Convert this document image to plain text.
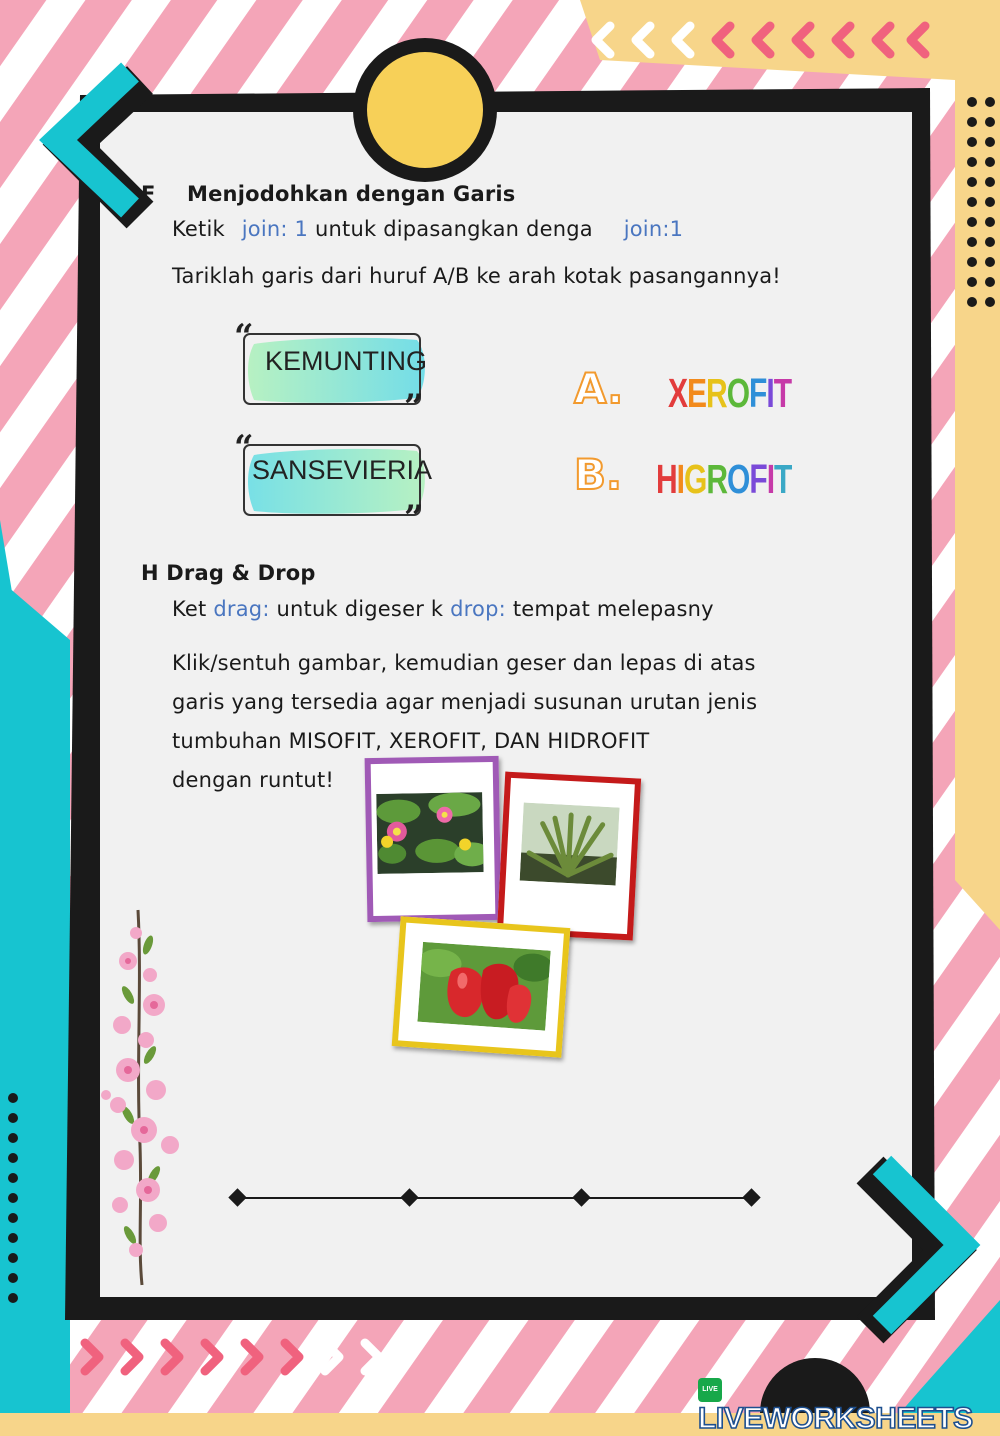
F Menjodohkan dengan Garis
Ketik join: 1 untuk dipasangkan denga join:1
Tariklah garis dari huruf A/B ke arah kotak pasangannya!
“
”
KEMUNTING
“
”
SANSEVIERIA
A. XEROFIT
B. HIGROFIT
H Drag & Drop
Ket drag: untuk digeser k drop: tempat melepasny
Klik/sentuh gambar, kemudian geser dan lepas di atas
garis yang tersedia agar menjadi susunan urutan jenis
tumbuhan MISOFIT, XEROFIT, DAN HIDROFIT
dengan runtut!
LIVE LIVEWORKSHEETS
